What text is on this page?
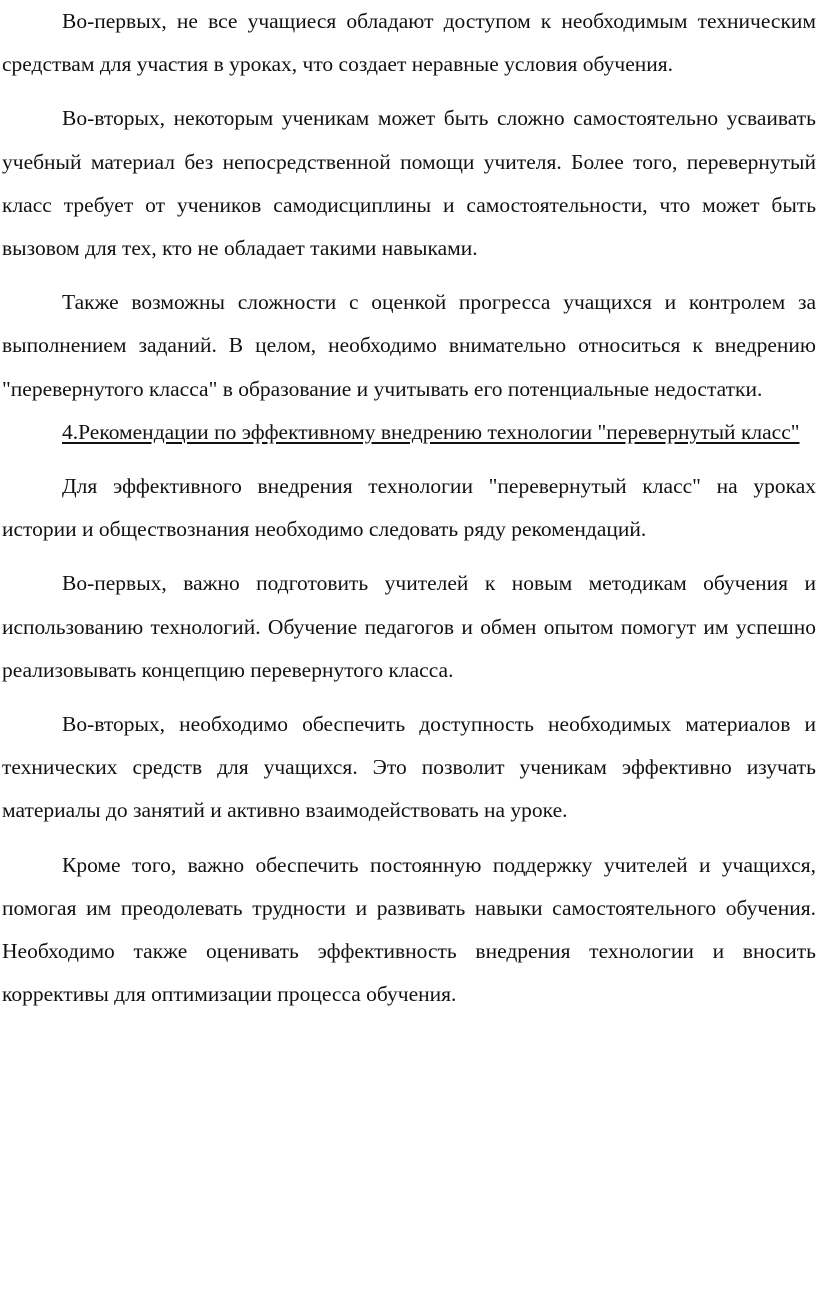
Во-первых, не все учащиеся обладают доступом к необходимым техническим средствам для участия в уроках, что создает неравные условия обучения.

Во-вторых, некоторым ученикам может быть сложно самостоятельно усваивать учебный материал без непосредственной помощи учителя. Более того, перевернутый класс требует от учеников самодисциплины и самостоятельности, что может быть вызовом для тех, кто не обладает такими навыками.

Также возможны сложности с оценкой прогресса учащихся и контролем за выполнением заданий. В целом, необходимо внимательно относиться к внедрению "перевернутого класса" в образование и учитывать его потенциальные недостатки.

4.Рекомендации по эффективному внедрению технологии "перевернутый класс"

Для эффективного внедрения технологии "перевернутый класс" на уроках истории и обществознания необходимо следовать ряду рекомендаций.

Во-первых, важно подготовить учителей к новым методикам обучения и использованию технологий. Обучение педагогов и обмен опытом помогут им успешно реализовывать концепцию перевернутого класса.

Во-вторых, необходимо обеспечить доступность необходимых материалов и технических средств для учащихся. Это позволит ученикам эффективно изучать материалы до занятий и активно взаимодействовать на уроке.

Кроме того, важно обеспечить постоянную поддержку учителей и учащихся, помогая им преодолевать трудности и развивать навыки самостоятельного обучения. Необходимо также оценивать эффективность внедрения технологии и вносить коррективы для оптимизации процесса обучения.
